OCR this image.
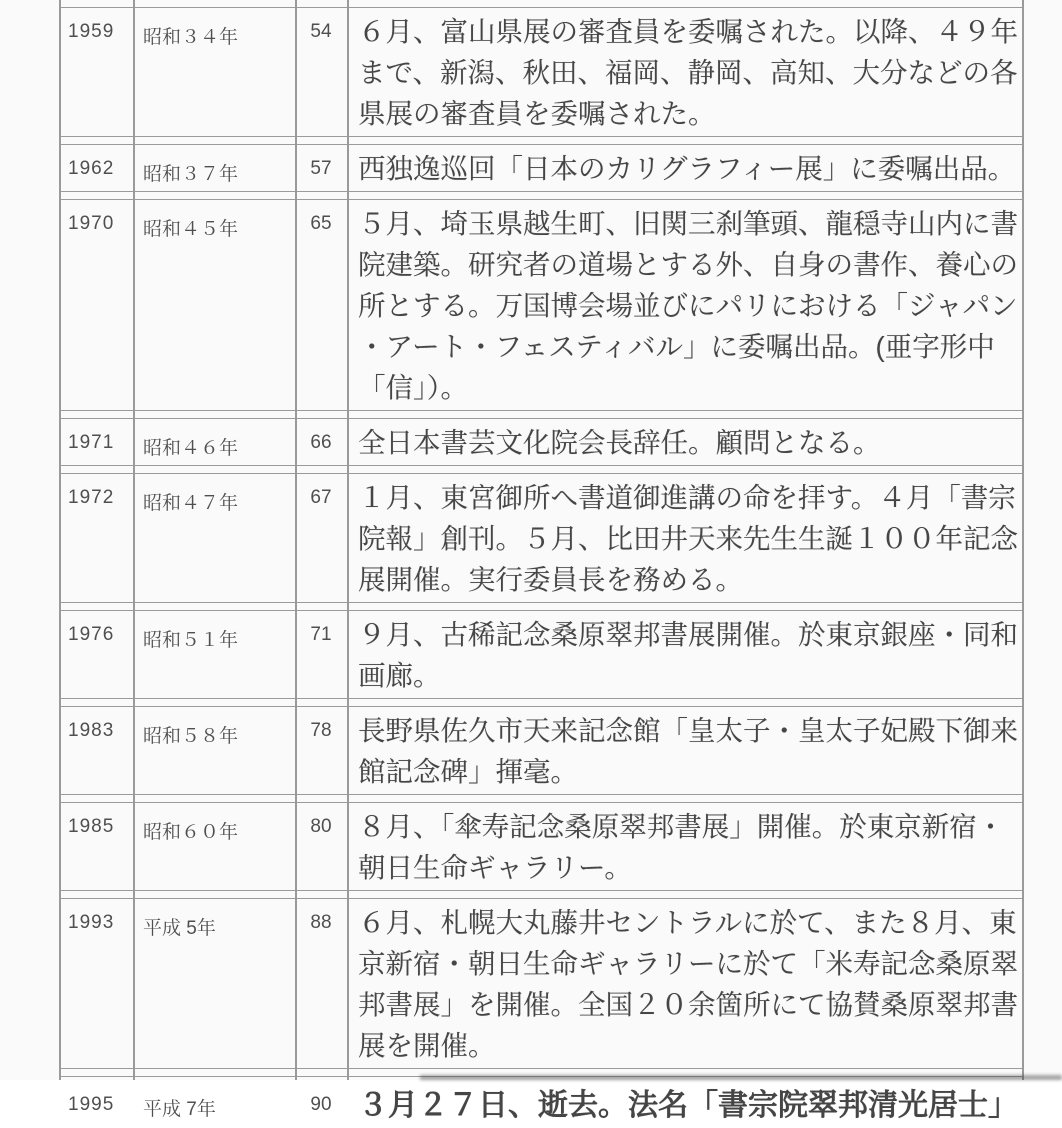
1959	昭和３４年	54 ６月、富山県展の審査員を委嘱された。以降、４９年まで、新潟、秋田、福岡、静岡、高知、大分などの各県展の審査員を委嘱された。
1962	昭和３７年	57 西独逸巡回「日本のカリグラフィー展」に委嘱出品。
1970	昭和４５年	65 ５月、埼玉県越生町、旧関三刹筆頭、龍穏寺山内に書院建築。研究者の道場とする外、自身の書作、養心の所とする。万国博会場並びにパリにおける「ジャパン・アート・フェスティバル」に委嘱出品。(亜字形中「信」）。
1971	昭和４６年	66 全日本書芸文化院会長辞任。顧問となる。
1972	昭和４７年	67 １月、東宮御所へ書道御進講の命を拝す。４月「書宗院報」創刊。５月、比田井天来先生生誕１００年記念展開催。実行委員長を務める。
1976	昭和５１年	71 ９月、古稀記念桑原翠邦書展開催。於東京銀座・同和画廊。
1983	昭和５８年	78 長野県佐久市天来記念館「皇太子・皇太子妃殿下御来館記念碑」揮毫。
1985	昭和６０年	80 ８月、「傘寿記念桑原翠邦書展」開催。於東京新宿・朝日生命ギャラリー。
1993	平成 5年	88 ６月、札幌大丸藤井セントラルに於て、また８月、東京新宿・朝日生命ギャラリーに於て「米寿記念桑原翠邦書展」を開催。全国２０余箇所にて協賛桑原翠邦書展を開催。
1995	平成 7年	90 ３月２７日、逝去。法名「書宗院翠邦清光居士」
